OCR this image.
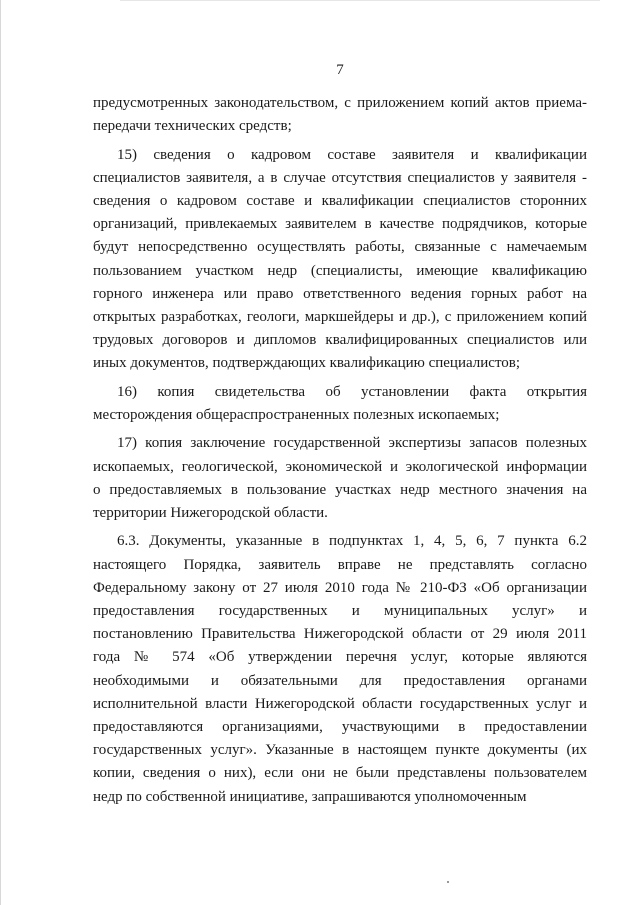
7
предусмотренных законодательством, с приложением копий актов приема-
передачи технических средств;
15) сведения о кадровом составе заявителя и квалификации
специалистов заявителя, а в случае отсутствия специалистов у заявителя -
сведения о кадровом составе и квалификации специалистов сторонних
организаций, привлекаемых заявителем в качестве подрядчиков, которые
будут непосредственно осуществлять работы, связанные с намечаемым
пользованием участком недр (специалисты, имеющие квалификацию
горного инженера или право ответственного ведения горных работ на
открытых разработках, геологи, маркшейдеры и др.), с приложением копий
трудовых договоров и дипломов квалифицированных специалистов или
иных документов, подтверждающих квалификацию специалистов;
16) копия свидетельства об установлении факта открытия
месторождения общераспространенных полезных ископаемых;
17) копия заключение государственной экспертизы запасов полезных
ископаемых, геологической, экономической и экологической информации
о предоставляемых в пользование участках недр местного значения на
территории Нижегородской области.
6.3. Документы, указанные в подпунктах 1, 4, 5, 6, 7 пункта 6.2
настоящего Порядка, заявитель вправе не представлять согласно
Федеральному закону от 27 июля 2010 года № 210-ФЗ «Об организации
предоставления государственных и муниципальных услуг» и
постановлению Правительства Нижегородской области от 29 июля 2011
года № 574 «Об утверждении перечня услуг, которые являются
необходимыми и обязательными для предоставления органами
исполнительной власти Нижегородской области государственных услуг и
предоставляются организациями, участвующими в предоставлении
государственных услуг». Указанные в настоящем пункте документы (их
копии, сведения о них), если они не были представлены пользователем
недр по собственной инициативе, запрашиваются уполномоченным
